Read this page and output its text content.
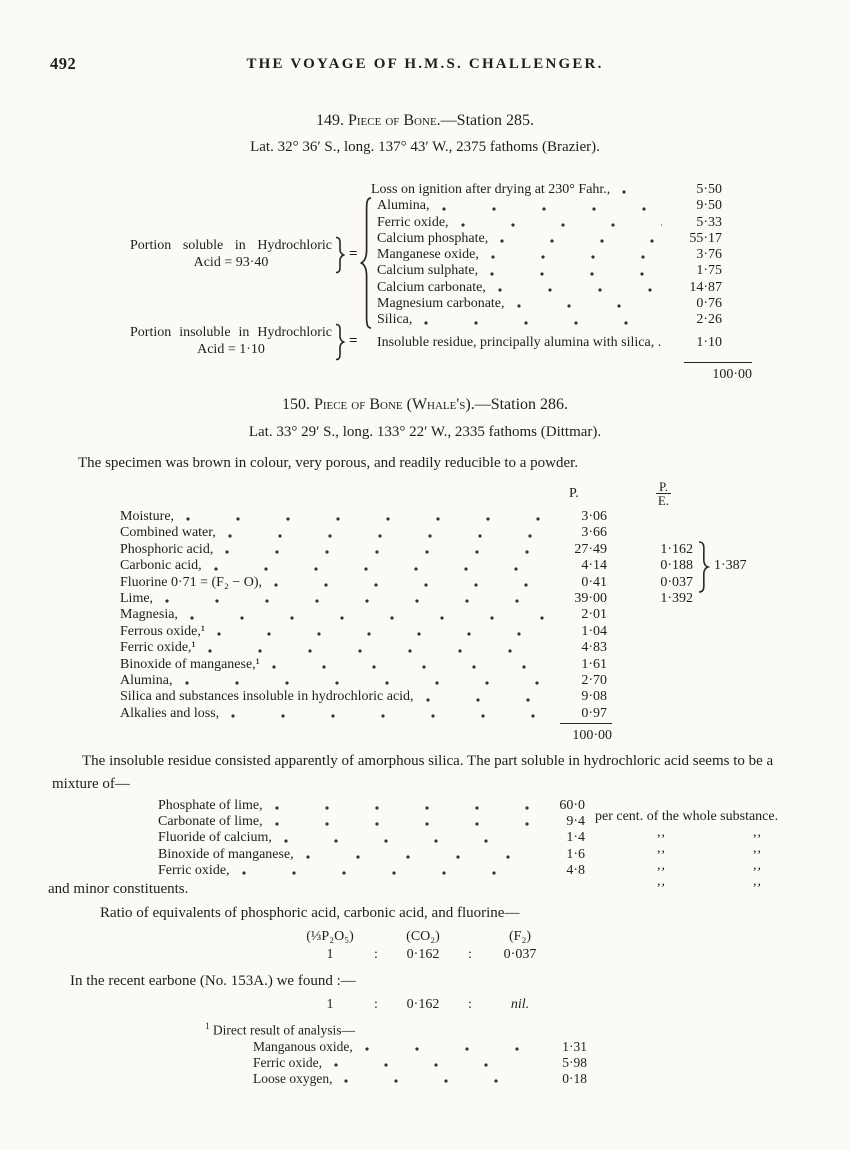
492	THE VOYAGE OF H.M.S. CHALLENGER.
149. Piece of Bone.—Station 285.
Lat. 32° 36′ S., long. 137° 43′ W., 2375 fathoms (Brazier).
Loss on ignition after drying at 230° Fahr.,	5·50
Alumina,	9·50
Ferric oxide,	5·33
Calcium phosphate,	55·17
Manganese oxide,	3·76
Calcium sulphate,	1·75
Calcium carbonate,	14·87
Magnesium carbonate,	0·76
Silica,	2·26
Portion soluble in Hydrochloric
Acid = 93·40
=
Portion insoluble in Hydrochloric
Acid = 1·10
= Insoluble residue, principally alumina with silica, .	1·10
100·00
150. Piece of Bone (Whale's).—Station 286.
Lat. 33° 29′ S., long. 133° 22′ W., 2335 fathoms (Dittmar).
The specimen was brown in colour, very porous, and readily reducible to a powder.
P.	$\frac{P.}{E.}$
Moisture,	3·06
Combined water,	3·66
Phosphoric acid,	27·49	1·162
Carbonic acid,	4·14	0·188
Fluorine 0·71 = (F₂ − O),	0·41	0·037
Lime,	39·00	1·392
Magnesia,	2·01
Ferrous oxide,¹	1·04
Ferric oxide,¹	4·83
Binoxide of manganese,¹	1·61
Alumina,	2·70
Silica and substances insoluble in hydrochloric acid,	9·08
Alkalies and loss,	0·97
1·387
100·00
The insoluble residue consisted apparently of amorphous silica. The part soluble in hydrochloric acid seems to be a mixture of—
Phosphate of lime,	60·0
per cent. of the whole substance.
Carbonate of lime,	9·4
,,	,,
Fluoride of calcium,	1·4
,,	,,
Binoxide of manganese,	1·6
,,	,,
Ferric oxide,	4·8
,,	,,
and minor constituents.
Ratio of equivalents of phosphoric acid, carbonic acid, and fluorine—
(⅓P₂O₅)	(CO₂)	(F₂)
1	:	0·162	:	0·037
In the recent earbone (No. 153A.) we found :—
1	:	0·162	:	nil.
$^1$ Direct result of analysis—
Manganous oxide,	1·31
Ferric oxide,	5·98
Loose oxygen,	0·18
